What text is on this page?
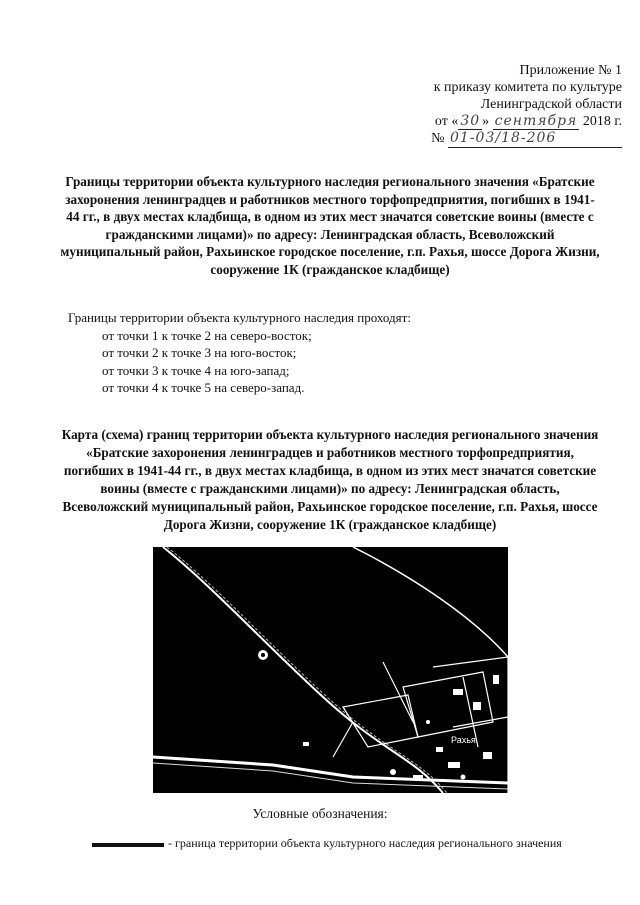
Приложение № 1
к приказу комитета по культуре
Ленинградской области
от « 30 » сентября 2018 г.
№ 01-03/18-206
Границы территории объекта культурного наследия регионального значения «Братские захоронения ленинградцев и работников местного торфопредприятия, погибших в 1941-44 гг., в двух местах кладбища, в одном из этих мест значатся советские воины (вместе с гражданскими лицами)» по адресу: Ленинградская область, Всеволожский муниципальный район, Рахьинское городское поселение, г.п. Рахья, шоссе Дорога Жизни, сооружение 1К (гражданское кладбище)
Границы территории объекта культурного наследия проходят:
от точки 1 к точке 2 на северо-восток;
от точки 2 к точке 3 на юго-восток;
от точки 3 к точке 4 на юго-запад;
от точки 4 к точке 5 на северо-запад.
Карта (схема) границ территории объекта культурного наследия регионального значения «Братские захоронения ленинградцев и работников местного торфопредприятия, погибших в 1941-44 гг., в двух местах кладбища, в одном из этих мест значатся советские воины (вместе с гражданскими лицами)» по адресу: Ленинградская область, Всеволожский муниципальный район, Рахьинское городское поселение, г.п. Рахья, шоссе Дорога Жизни, сооружение 1К (гражданское кладбище)
Рахья
Условные обозначения:
- граница территории объекта культурного наследия регионального значения
